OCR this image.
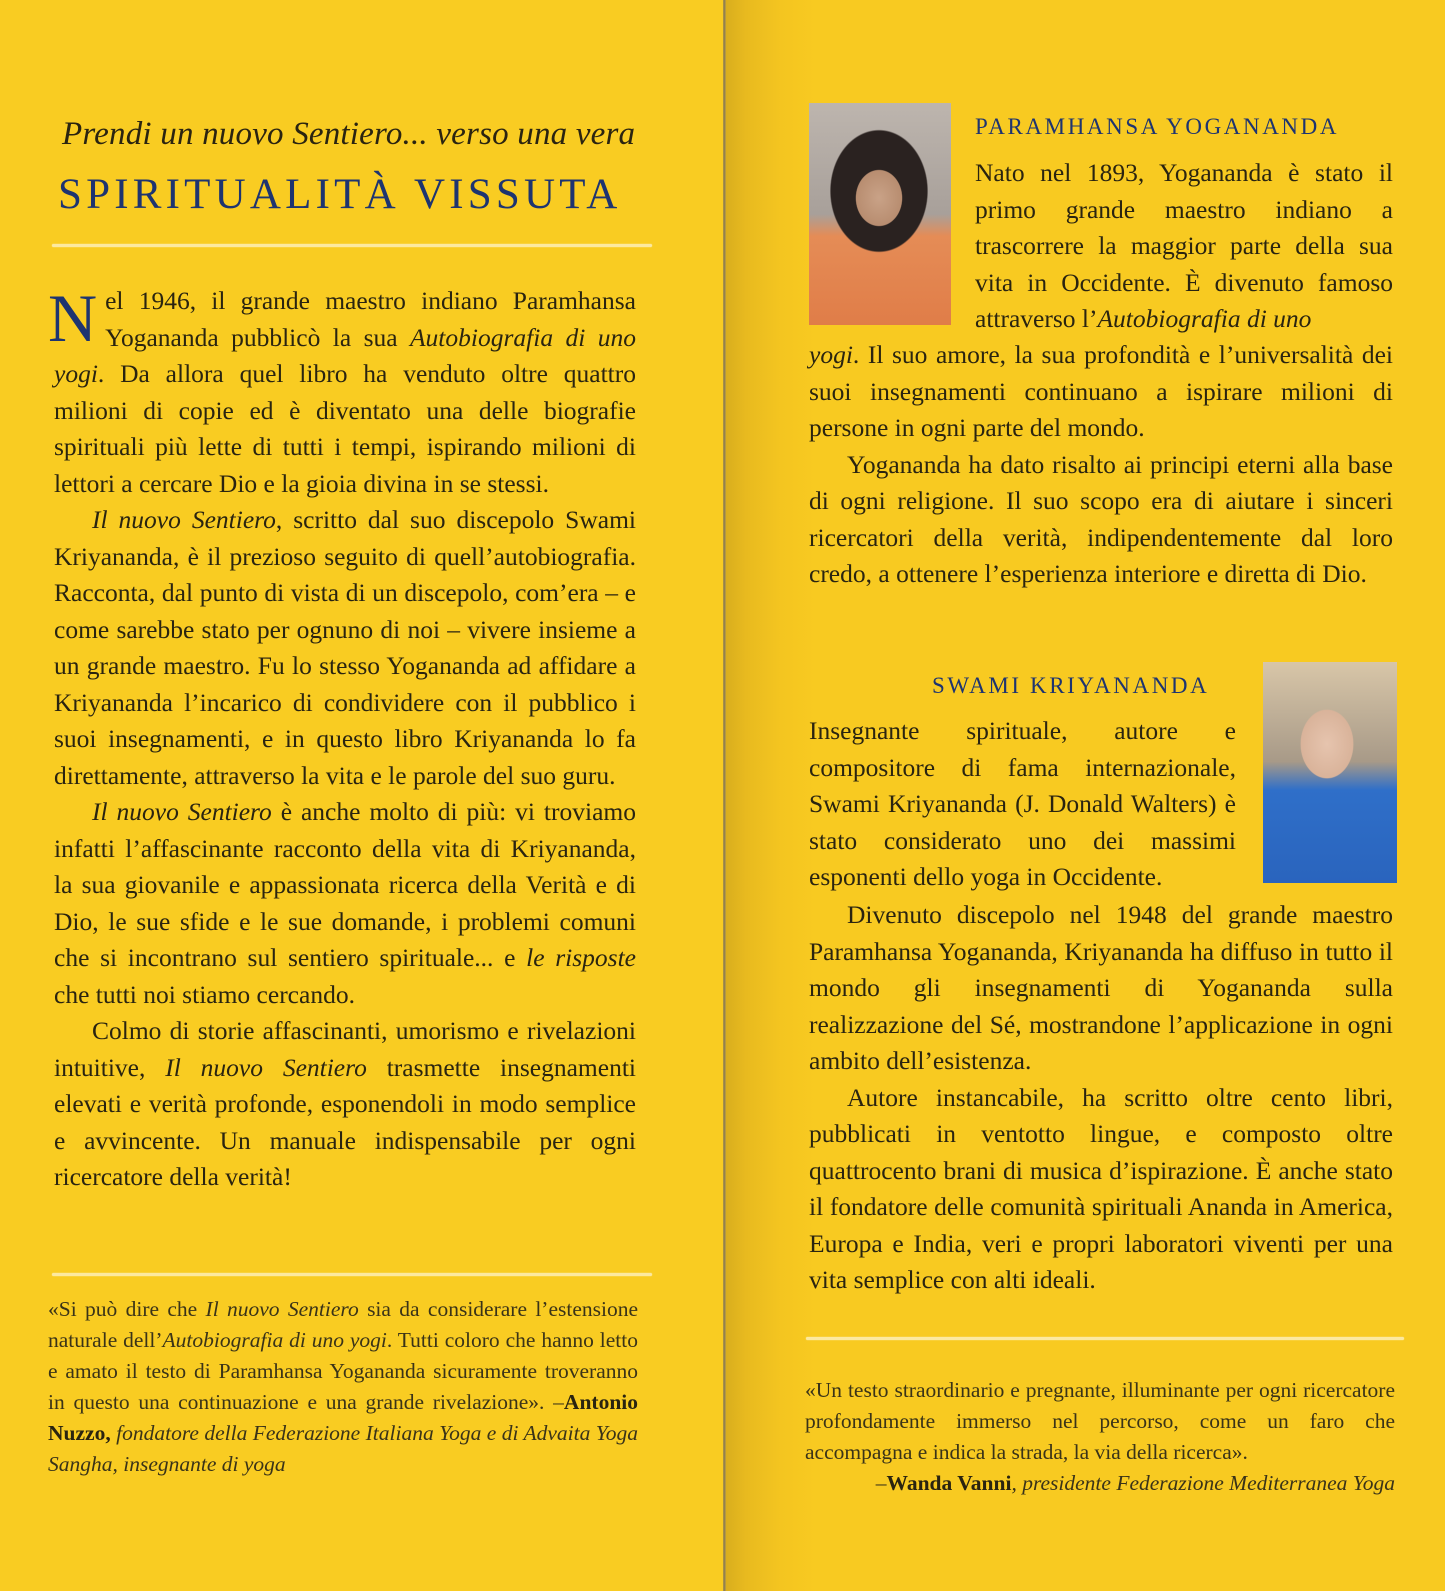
Prendi un nuovo Sentiero... verso una vera
SPIRITUALITÀ VISSUTA

Nel 1946, il grande maestro indiano Paramhansa Yogananda pubblicò la sua Autobiografia di uno yogi. Da allora quel libro ha venduto oltre quattro milioni di copie ed è diventato una delle biografie spirituali più lette di tutti i tempi, ispirando milioni di lettori a cercare Dio e la gioia divina in se stessi.

Il nuovo Sentiero, scritto dal suo discepolo Swami Kriyananda, è il prezioso seguito di quell’autobiografia. Racconta, dal punto di vista di un discepolo, com’era – e come sarebbe stato per ognuno di noi – vivere insieme a un grande maestro. Fu lo stesso Yogananda ad affidare a Kriyananda l’incarico di condividere con il pubblico i suoi insegnamenti, e in questo libro Kriyananda lo fa direttamente, attraverso la vita e le parole del suo guru.

Il nuovo Sentiero è anche molto di più: vi troviamo infatti l’affascinante racconto della vita di Kriyananda, la sua giovanile e appassionata ricerca della Verità e di Dio, le sue sfide e le sue domande, i problemi comuni che si incontrano sul sentiero spirituale... e le risposte che tutti noi stiamo cercando.

Colmo di storie affascinanti, umorismo e rivelazioni intuitive, Il nuovo Sentiero trasmette insegnamenti elevati e verità profonde, esponendoli in modo semplice e avvincente. Un manuale indispensabile per ogni ricercatore della verità!

«Si può dire che Il nuovo Sentiero sia da considerare l’estensione naturale dell’Autobiografia di uno yogi. Tutti coloro che hanno letto e amato il testo di Paramhansa Yogananda sicuramente troveranno in questo una continuazione e una grande rivelazione». –Antonio Nuzzo, fondatore della Federazione Italiana Yoga e di Advaita Yoga Sangha, insegnante di yoga
PARAMHANSA YOGANANDA

Nato nel 1893, Yogananda è stato il primo grande maestro indiano a trascorrere la maggior parte della sua vita in Occidente. È divenuto famoso attraverso l’Autobiografia di uno

yogi. Il suo amore, la sua profondità e l’universalità dei suoi insegnamenti continuano a ispirare milioni di persone in ogni parte del mondo.

Yogananda ha dato risalto ai principi eterni alla base di ogni religione. Il suo scopo era di aiutare i sinceri ricercatori della verità, indipendentemente dal loro credo, a ottenere l’esperienza interiore e diretta di Dio.

SWAMI KRIYANANDA

Insegnante spirituale, autore e compositore di fama internazionale, Swami Kriyananda (J. Donald Walters) è stato considerato uno dei massimi esponenti dello yoga in Occidente.

Divenuto discepolo nel 1948 del grande maestro Paramhansa Yogananda, Kriyananda ha diffuso in tutto il mondo gli insegnamenti di Yogananda sulla realizzazione del Sé, mostrandone l’applicazione in ogni ambito dell’esistenza.

Autore instancabile, ha scritto oltre cento libri, pubblicati in ventotto lingue, e composto oltre quattrocento brani di musica d’ispirazione. È anche stato il fondatore delle comunità spirituali Ananda in America, Europa e India, veri e propri laboratori viventi per una vita semplice con alti ideali.

«Un testo straordinario e pregnante, illuminante per ogni ricercatore profondamente immerso nel percorso, come un faro che accompagna e indica la strada, la via della ricerca».
–Wanda Vanni, presidente Federazione Mediterranea Yoga
